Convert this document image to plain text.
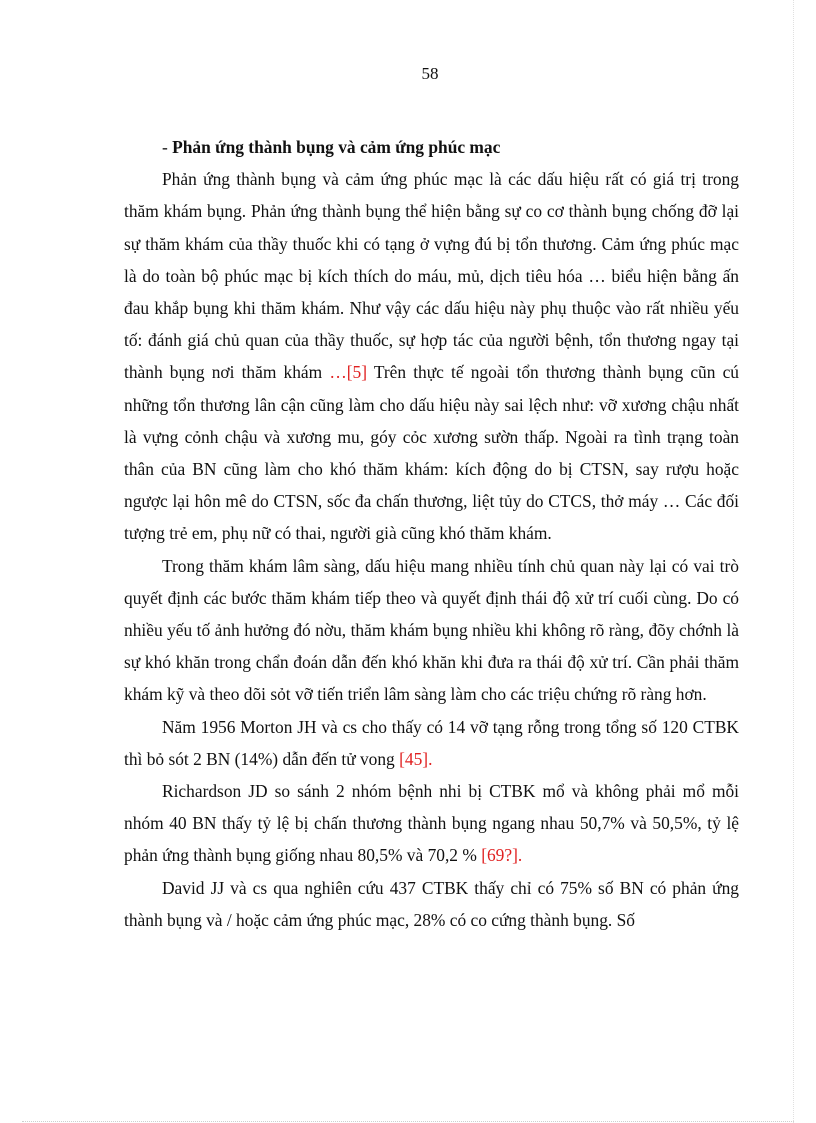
58

- Phản ứng thành bụng và cảm ứng phúc mạc

Phản ứng thành bụng và cảm ứng phúc mạc là các dấu hiệu rất có giá trị trong thăm khám bụng. Phản ứng thành bụng thể hiện bằng sự co cơ thành bụng chống đỡ lại sự thăm khám của thầy thuốc khi có tạng ở vựng đú bị tổn thương. Cảm ứng phúc mạc là do toàn bộ phúc mạc bị kích thích do máu, mủ, dịch tiêu hóa … biểu hiện bằng ấn đau khắp bụng khi thăm khám. Như vậy các dấu hiệu này phụ thuộc vào rất nhiều yếu tố: đánh giá chủ quan của thầy thuốc, sự hợp tác của người bệnh, tổn thương ngay tại thành bụng nơi thăm khám …[5] Trên thực tế ngoài tổn thương thành bụng cũn cú những tổn thương lân cận cũng làm cho dấu hiệu này sai lệch như: vỡ xương chậu nhất là vựng cỏnh chậu và xương mu, góy cỏc xương sườn thấp. Ngoài ra tình trạng toàn thân của BN cũng làm cho khó thăm khám: kích động do bị CTSN, say rượu hoặc ngược lại hôn mê do CTSN, sốc đa chấn thương, liệt tủy do CTCS, thở máy … Các đối tượng trẻ em, phụ nữ có thai, người già cũng khó thăm khám.

Trong thăm khám lâm sàng, dấu hiệu mang nhiều tính chủ quan này lại có vai trò quyết định các bước thăm khám tiếp theo và quyết định thái độ xử trí cuối cùng. Do có nhiều yếu tố ảnh hưởng đó nờu, thăm khám bụng nhiều khi không rõ ràng, đõy chớnh là sự khó khăn trong chẩn đoán dẫn đến khó khăn khi đưa ra thái độ xử trí. Cần phải thăm khám kỹ và theo dõi sỏt vỡ tiến triển lâm sàng làm cho các triệu chứng rõ ràng hơn.

Năm 1956 Morton JH và cs cho thấy có 14 vỡ tạng rỗng trong tổng số 120 CTBK thì bỏ sót 2 BN (14%) dẫn đến tử vong [45].

Richardson JD so sánh 2 nhóm bệnh nhi bị CTBK mổ và không phải mổ mỗi nhóm 40 BN thấy tỷ lệ bị chấn thương thành bụng ngang nhau 50,7% và 50,5%, tỷ lệ phản ứng thành bụng giống nhau 80,5% và 70,2 % [69?].

David JJ và cs qua nghiên cứu 437 CTBK thấy chỉ có 75% số BN có phản ứng thành bụng và / hoặc cảm ứng phúc mạc, 28% có co cứng thành bụng. Số
